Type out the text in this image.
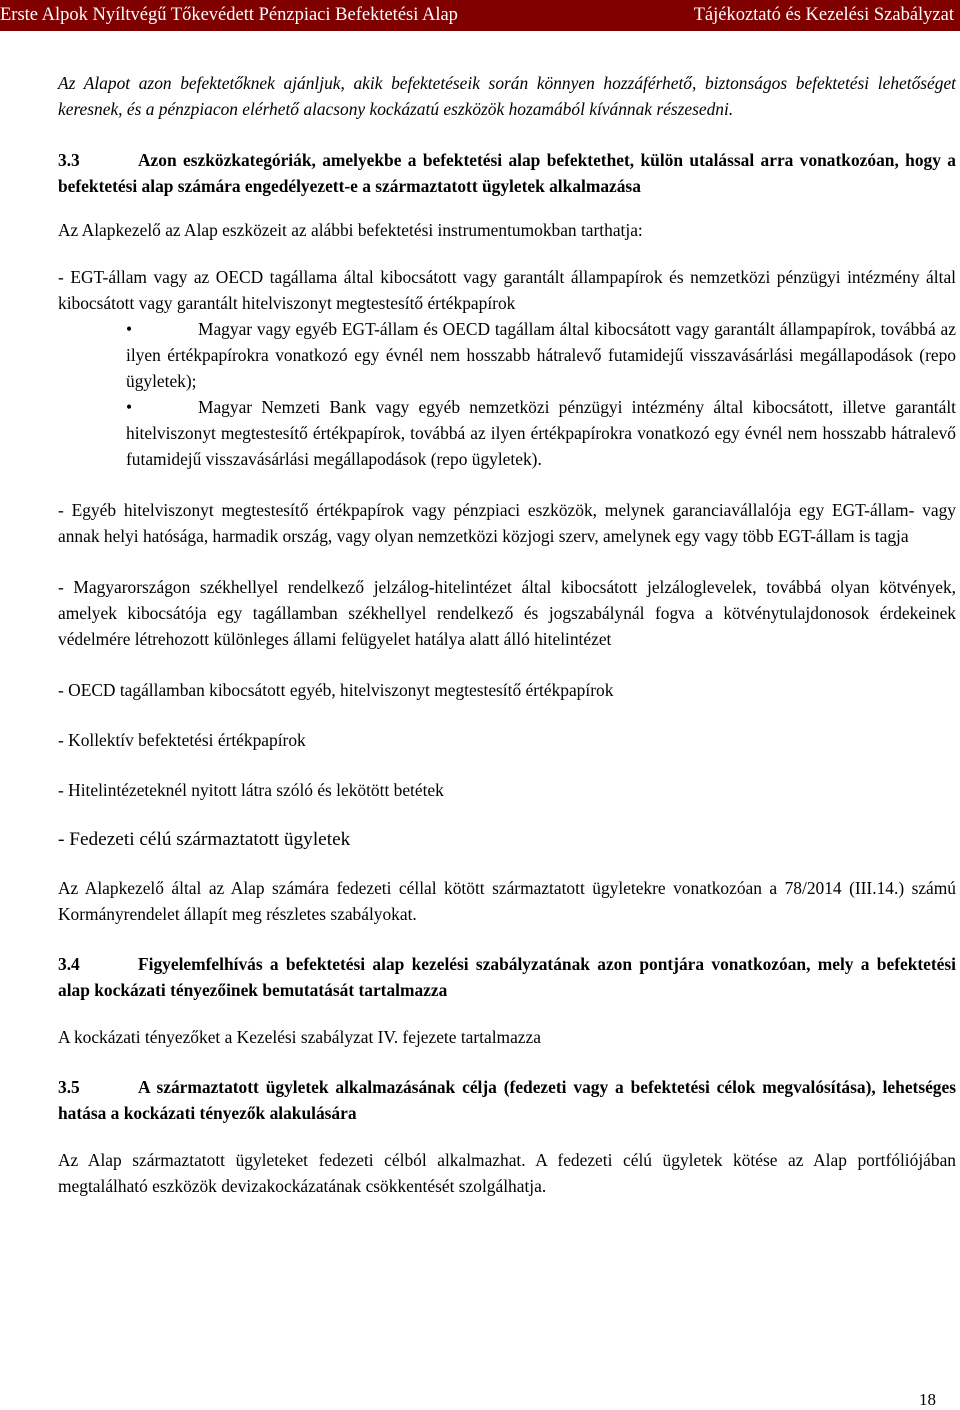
Erste Alpok Nyíltvégű Tőkevédett Pénzpiaci Befektetési Alap	Tájékoztató és Kezelési Szabályzat

Az Alapot azon befektetőknek ajánljuk, akik befektetéseik során könnyen hozzáférhető, biztonságos befektetési lehetőséget keresnek, és a pénzpiacon elérhető alacsony kockázatú eszközök hozamából kívánnak részesedni.

3.3	Azon eszközkategóriák, amelyekbe a befektetési alap befektethet, külön utalással arra vonatkozóan, hogy a befektetési alap számára engedélyezett-e a származtatott ügyletek alkalmazása

Az Alapkezelő az Alap eszközeit az alábbi befektetési instrumentumokban tarthatja:

- EGT-állam vagy az OECD tagállama által kibocsátott vagy garantált állampapírok és nemzetközi pénzügyi intézmény által kibocsátott vagy garantált hitelviszonyt megtestesítő értékpapírok

•	Magyar vagy egyéb EGT-állam és OECD tagállam által kibocsátott vagy garantált állampapírok, továbbá az ilyen értékpapírokra vonatkozó egy évnél nem hosszabb hátralevő futamidejű visszavásárlási megállapodások (repo ügyletek);
•	Magyar Nemzeti Bank vagy egyéb nemzetközi pénzügyi intézmény által kibocsátott, illetve garantált hitelviszonyt megtestesítő értékpapírok, továbbá az ilyen értékpapírokra vonatkozó egy évnél nem hosszabb hátralevő futamidejű visszavásárlási megállapodások (repo ügyletek).

- Egyéb hitelviszonyt megtestesítő értékpapírok vagy pénzpiaci eszközök, melynek garanciavállalója egy EGT-állam- vagy annak helyi hatósága, harmadik ország, vagy olyan nemzetközi közjogi szerv, amelynek egy vagy több EGT-állam is tagja

- Magyarországon székhellyel rendelkező jelzálog-hitelintézet által kibocsátott jelzáloglevelek, továbbá olyan kötvények, amelyek kibocsátója egy tagállamban székhellyel rendelkező és jogszabálynál fogva a kötvénytulajdonosok érdekeinek védelmére létrehozott különleges állami felügyelet hatálya alatt álló hitelintézet

- OECD tagállamban kibocsátott egyéb, hitelviszonyt megtestesítő értékpapírok

- Kollektív befektetési értékpapírok

- Hitelintézeteknél nyitott látra szóló és lekötött betétek

- Fedezeti célú származtatott ügyletek

Az Alapkezelő által az Alap számára fedezeti céllal kötött származtatott ügyletekre vonatkozóan a 78/2014 (III.14.) számú Kormányrendelet állapít meg részletes szabályokat.

3.4	Figyelemfelhívás a befektetési alap kezelési szabályzatának azon pontjára vonatkozóan, mely a befektetési alap kockázati tényezőinek bemutatását tartalmazza

A kockázati tényezőket a Kezelési szabályzat IV. fejezete tartalmazza

3.5	A származtatott ügyletek alkalmazásának célja (fedezeti vagy a befektetési célok megvalósítása), lehetséges hatása a kockázati tényezők alakulására

Az Alap származtatott ügyleteket fedezeti célból alkalmazhat. A fedezeti célú ügyletek kötése az Alap portfóliójában megtalálható eszközök devizakockázatának csökkentését szolgálhatja.

18
